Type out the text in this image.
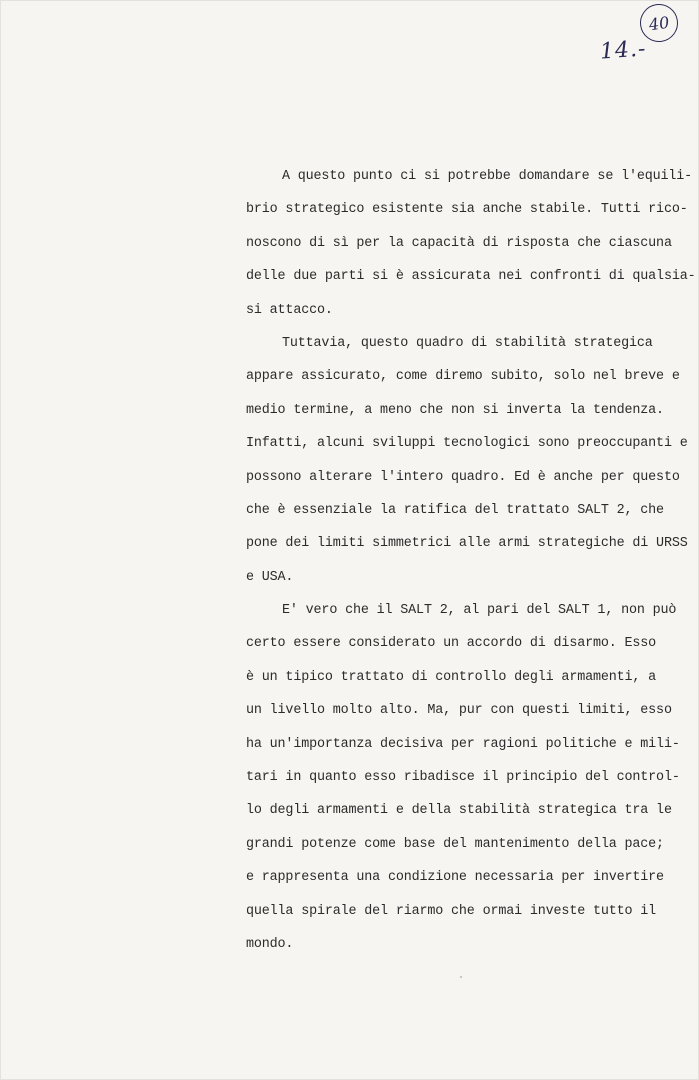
40
14.-
A questo punto ci si potrebbe domandare se l'equili-
brio strategico esistente sia anche stabile. Tutti rico-
noscono di sì per la capacità di risposta che ciascuna
delle due parti si è assicurata nei confronti di qualsia-
si attacco.
Tuttavia, questo quadro di stabilità strategica
appare assicurato, come diremo subito, solo nel breve e
medio termine, a meno che non si inverta la tendenza.
Infatti, alcuni sviluppi tecnologici sono preoccupanti e
possono alterare l'intero quadro. Ed è anche per questo
che è essenziale la ratifica del trattato SALT 2, che
pone dei limiti simmetrici alle armi strategiche di URSS
e USA.
E' vero che il SALT 2, al pari del SALT 1, non può
certo essere considerato un accordo di disarmo. Esso
è un tipico trattato di controllo degli armamenti, a
un livello molto alto. Ma, pur con questi limiti, esso
ha un'importanza decisiva per ragioni politiche e mili-
tari in quanto esso ribadisce il principio del control-
lo degli armamenti e della stabilità strategica tra le
grandi potenze come base del mantenimento della pace;
e rappresenta una condizione necessaria per invertire
quella spirale del riarmo che ormai investe tutto il
mondo.
